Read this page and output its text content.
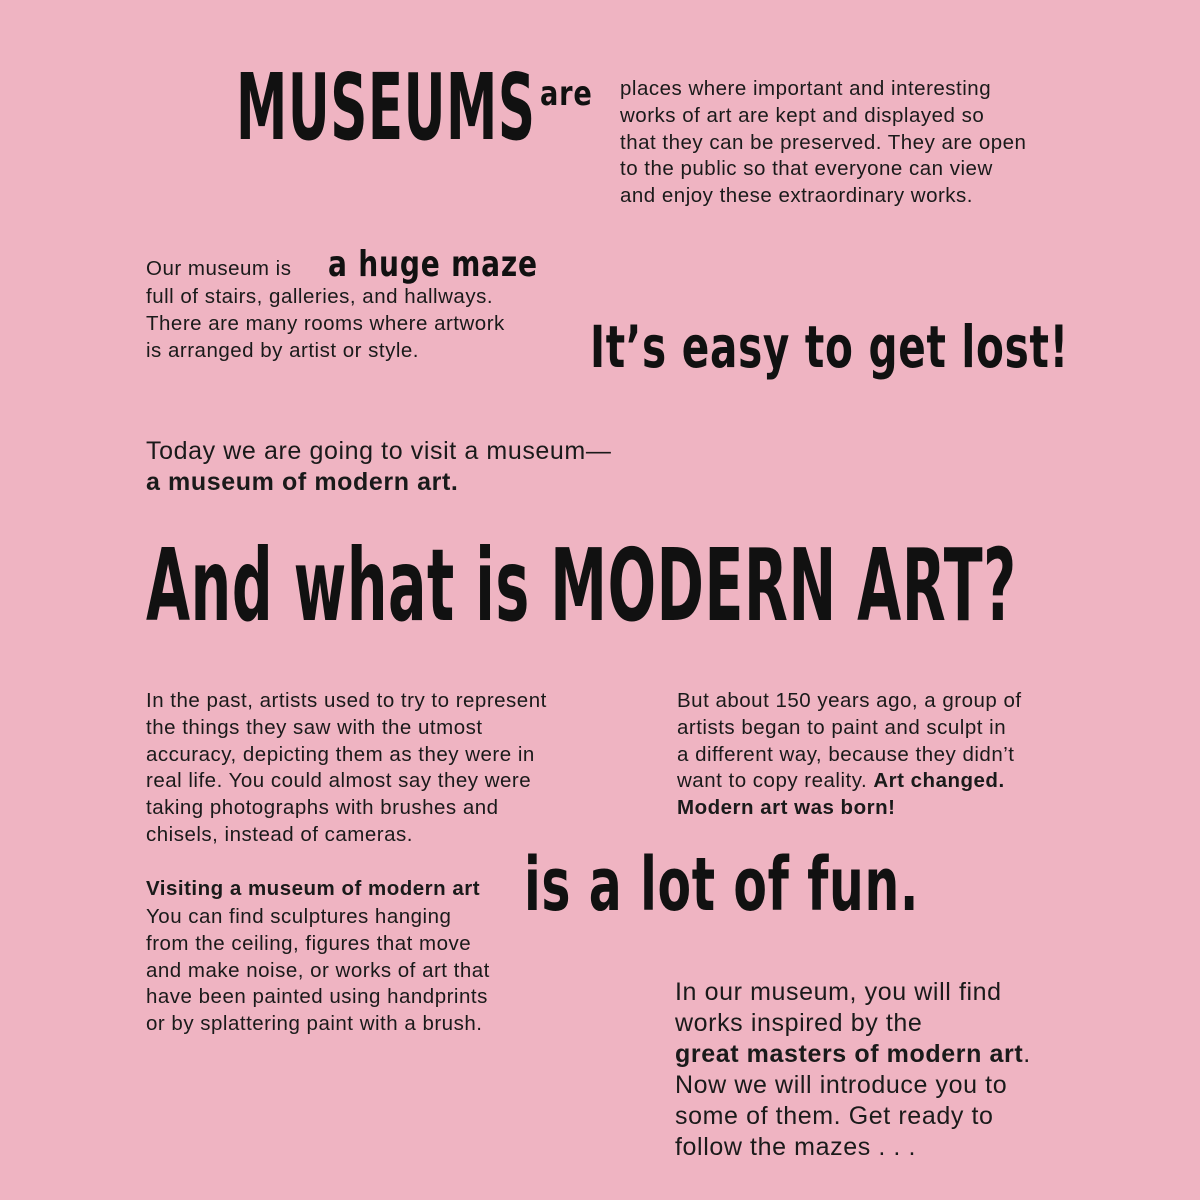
MUSEUMS are places where important and interesting
works of art are kept and displayed so
that they can be preserved. They are open
to the public so that everyone can view
and enjoy these extraordinary works.
Our museum is a huge maze
full of stairs, galleries, and hallways.
There are many rooms where artwork
is arranged by artist or style.	It’s easy to get lost!
Today we are going to visit a museum—
a museum of modern art.
And what is MODERN ART?
In the past, artists used to try to represent
the things they saw with the utmost
accuracy, depicting them as they were in
real life. You could almost say they were
taking photographs with brushes and
chisels, instead of cameras.
But about 150 years ago, a group of
artists began to paint and sculpt in
a different way, because they didn’t
want to copy reality. Art changed.
Modern art was born!
Visiting a museum of modern art is a lot of fun.
You can find sculptures hanging
from the ceiling, figures that move
and make noise, or works of art that
have been painted using handprints
or by splattering paint with a brush.
In our museum, you will find
works inspired by the
great masters of modern art.
Now we will introduce you to
some of them. Get ready to
follow the mazes . . .
